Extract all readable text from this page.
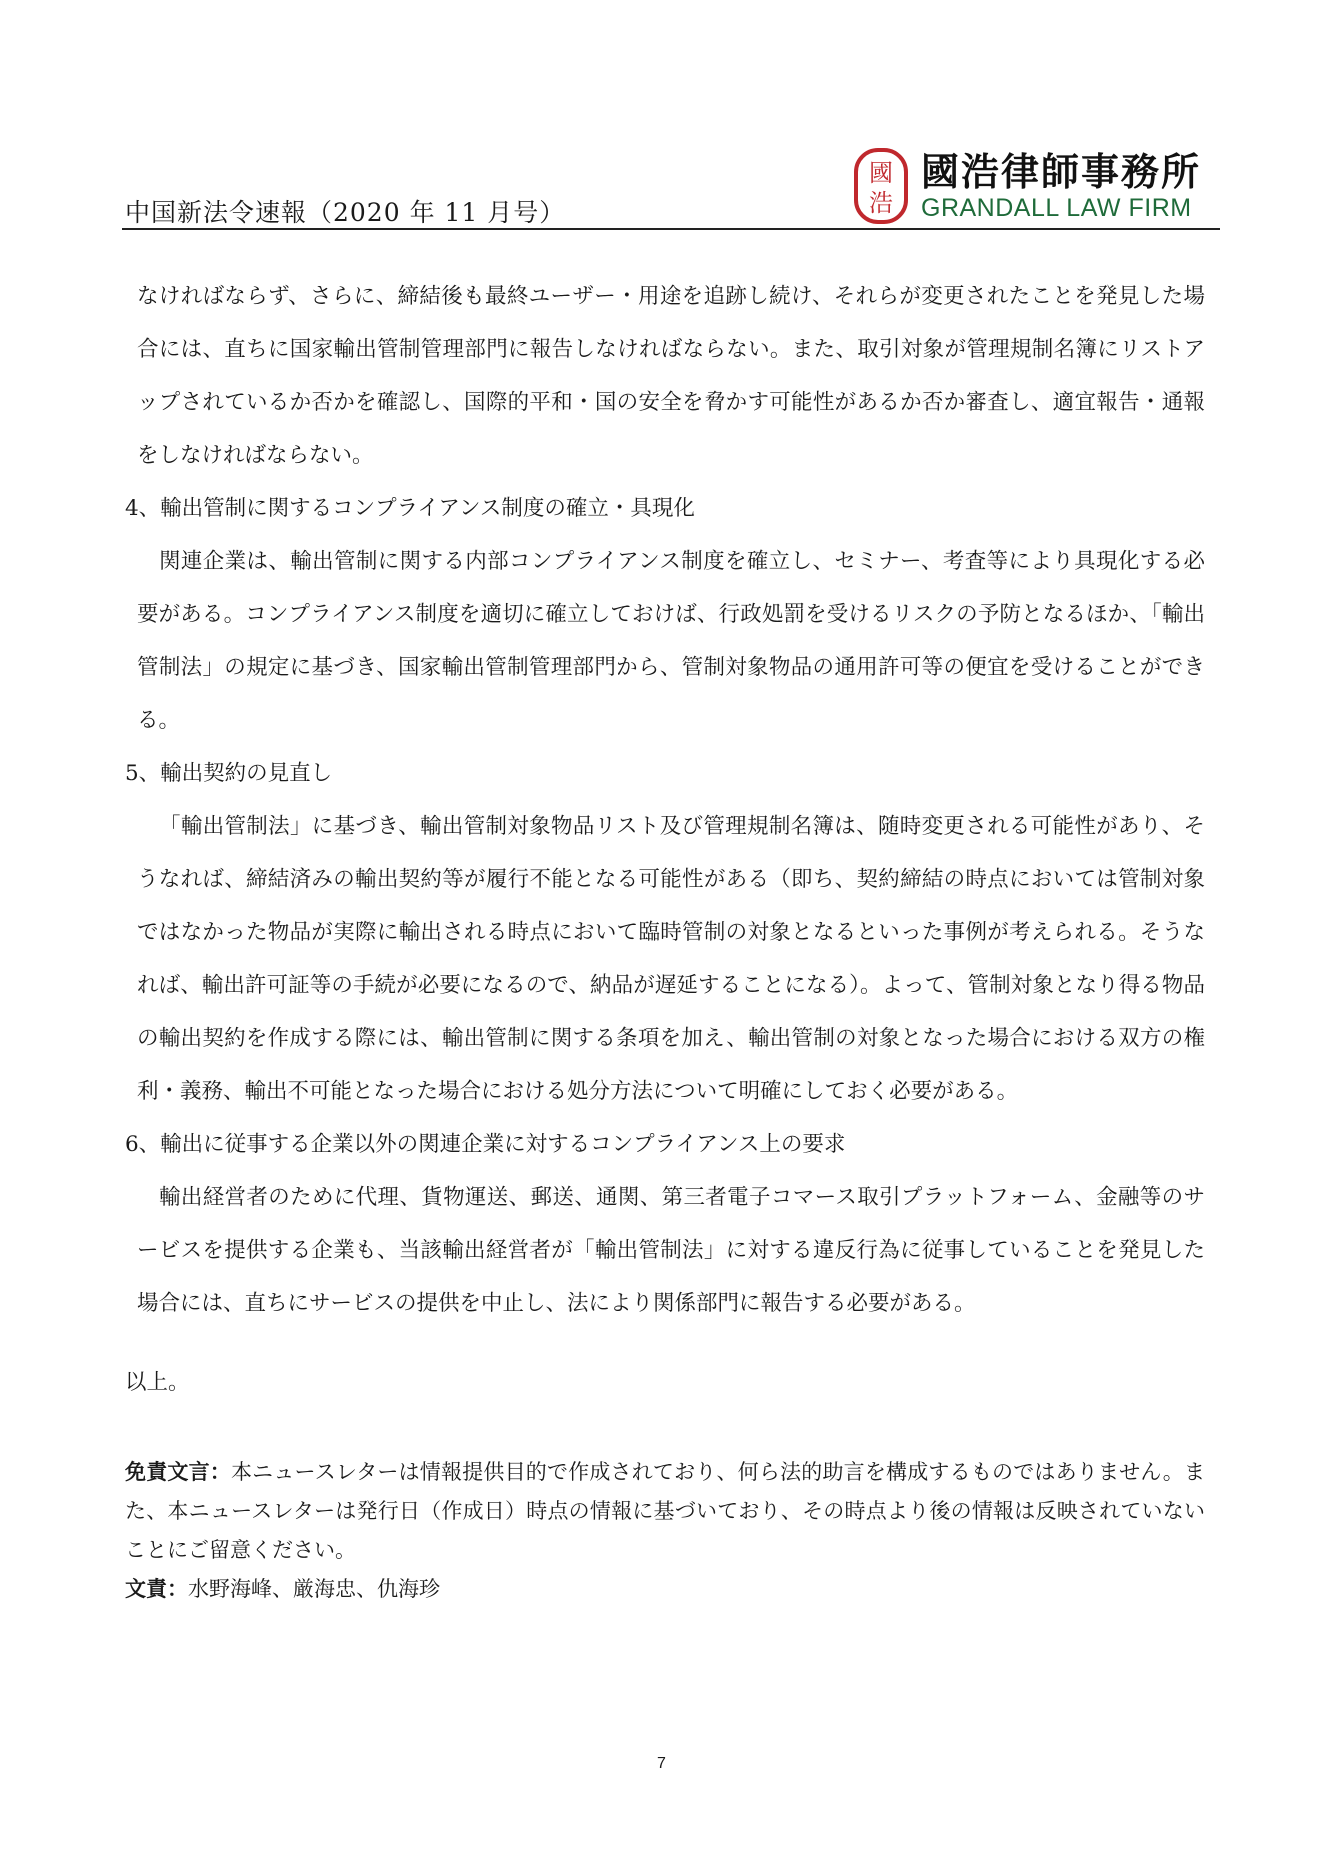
中国新法令速報（2020 年 11 月号）
國
浩
國浩律師事務所
GRANDALL LAW FIRM
なければならず、さらに、締結後も最終ユーザー・用途を追跡し続け、それらが変更されたことを発見した場合には、直ちに国家輸出管制管理部門に報告しなければならない。また、取引対象が管理規制名簿にリストアップされているか否かを確認し、国際的平和・国の安全を脅かす可能性があるか否か審査し、適宜報告・通報をしなければならない。
4、輸出管制に関するコンプライアンス制度の確立・具現化
関連企業は、輸出管制に関する内部コンプライアンス制度を確立し、セミナー、考査等により具現化する必要がある。コンプライアンス制度を適切に確立しておけば、行政処罰を受けるリスクの予防となるほか、「輸出管制法」の規定に基づき、国家輸出管制管理部門から、管制対象物品の通用許可等の便宜を受けることができる。
5、輸出契約の見直し
「輸出管制法」に基づき、輸出管制対象物品リスト及び管理規制名簿は、随時変更される可能性があり、そうなれば、締結済みの輸出契約等が履行不能となる可能性がある（即ち、契約締結の時点においては管制対象ではなかった物品が実際に輸出される時点において臨時管制の対象となるといった事例が考えられる。そうなれば、輸出許可証等の手続が必要になるので、納品が遅延することになる）。よって、管制対象となり得る物品の輸出契約を作成する際には、輸出管制に関する条項を加え、輸出管制の対象となった場合における双方の権利・義務、輸出不可能となった場合における処分方法について明確にしておく必要がある。
6、輸出に従事する企業以外の関連企業に対するコンプライアンス上の要求
輸出経営者のために代理、貨物運送、郵送、通関、第三者電子コマース取引プラットフォーム、金融等のサービスを提供する企業も、当該輸出経営者が「輸出管制法」に対する違反行為に従事していることを発見した場合には、直ちにサービスの提供を中止し、法により関係部門に報告する必要がある。
以上。
免責文言：本ニュースレターは情報提供目的で作成されており、何ら法的助言を構成するものではありません。また、本ニュースレターは発行日（作成日）時点の情報に基づいており、その時点より後の情報は反映されていないことにご留意ください。
文責：水野海峰、厳海忠、仇海珍
7
